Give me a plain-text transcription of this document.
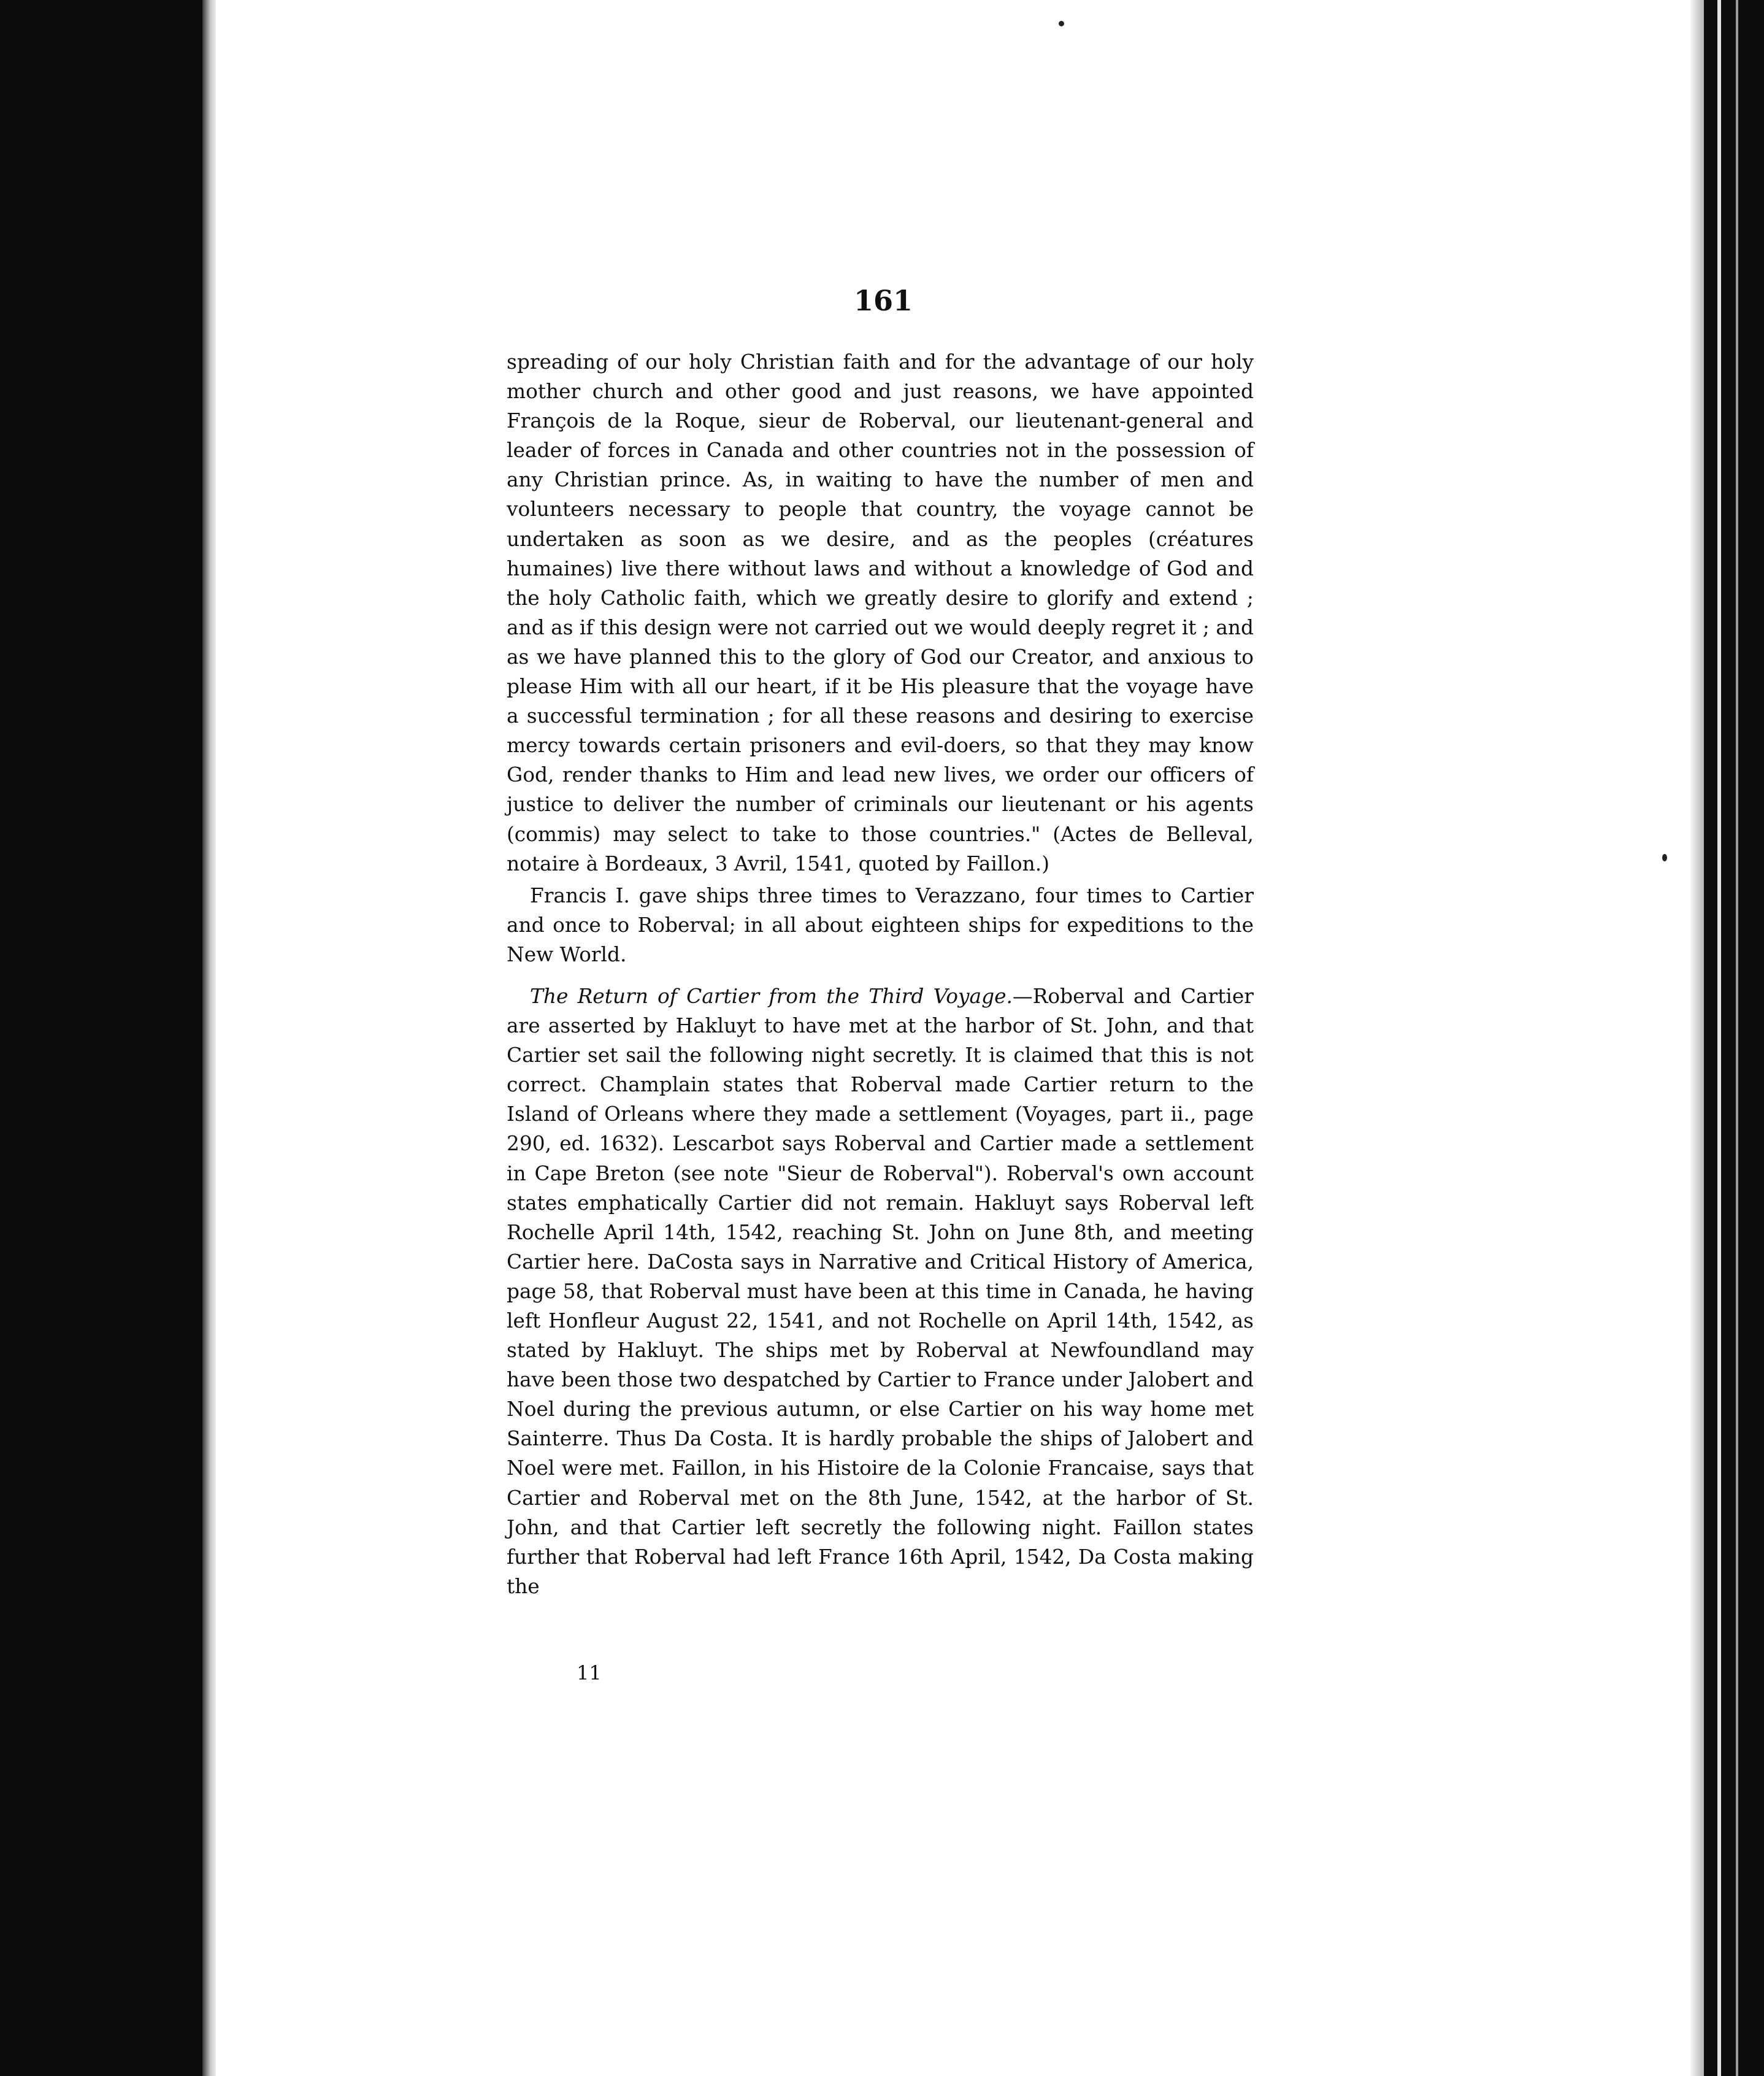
161

spreading of our holy Christian faith and for the advantage of our holy mother church and other good and just reasons, we have appointed François de la Roque, sieur de Roberval, our lieutenant-general and leader of forces in Canada and other countries not in the possession of any Christian prince. As, in waiting to have the number of men and volunteers necessary to people that country, the voyage cannot be undertaken as soon as we desire, and as the peoples (créatures humaines) live there without laws and without a knowledge of God and the holy Catholic faith, which we greatly desire to glorify and extend ; and as if this design were not carried out we would deeply regret it ; and as we have planned this to the glory of God our Creator, and anxious to please Him with all our heart, if it be His pleasure that the voyage have a successful termination ; for all these reasons and desiring to exercise mercy towards certain prisoners and evil-doers, so that they may know God, render thanks to Him and lead new lives, we order our officers of justice to deliver the number of criminals our lieutenant or his agents (commis) may select to take to those countries." (Actes de Belleval, notaire à Bordeaux, 3 Avril, 1541, quoted by Faillon.)

Francis I. gave ships three times to Verazzano, four times to Cartier and once to Roberval; in all about eighteen ships for expeditions to the New World.

The Return of Cartier from the Third Voyage.—Roberval and Cartier are asserted by Hakluyt to have met at the harbor of St. John, and that Cartier set sail the following night secretly. It is claimed that this is not correct. Champlain states that Roberval made Cartier return to the Island of Orleans where they made a settlement (Voyages, part ii., page 290, ed. 1632). Lescarbot says Roberval and Cartier made a settlement in Cape Breton (see note "Sieur de Roberval"). Roberval's own account states emphatically Cartier did not remain. Hakluyt says Roberval left Rochelle April 14th, 1542, reaching St. John on June 8th, and meeting Cartier here. DaCosta says in Narrative and Critical History of America, page 58, that Roberval must have been at this time in Canada, he having left Honfleur August 22, 1541, and not Rochelle on April 14th, 1542, as stated by Hakluyt. The ships met by Roberval at Newfoundland may have been those two despatched by Cartier to France under Jalobert and Noel during the previous autumn, or else Cartier on his way home met Sainterre. Thus Da Costa. It is hardly probable the ships of Jalobert and Noel were met. Faillon, in his Histoire de la Colonie Francaise, says that Cartier and Roberval met on the 8th June, 1542, at the harbor of St. John, and that Cartier left secretly the following night. Faillon states further that Roberval had left France 16th April, 1542, Da Costa making the

11
